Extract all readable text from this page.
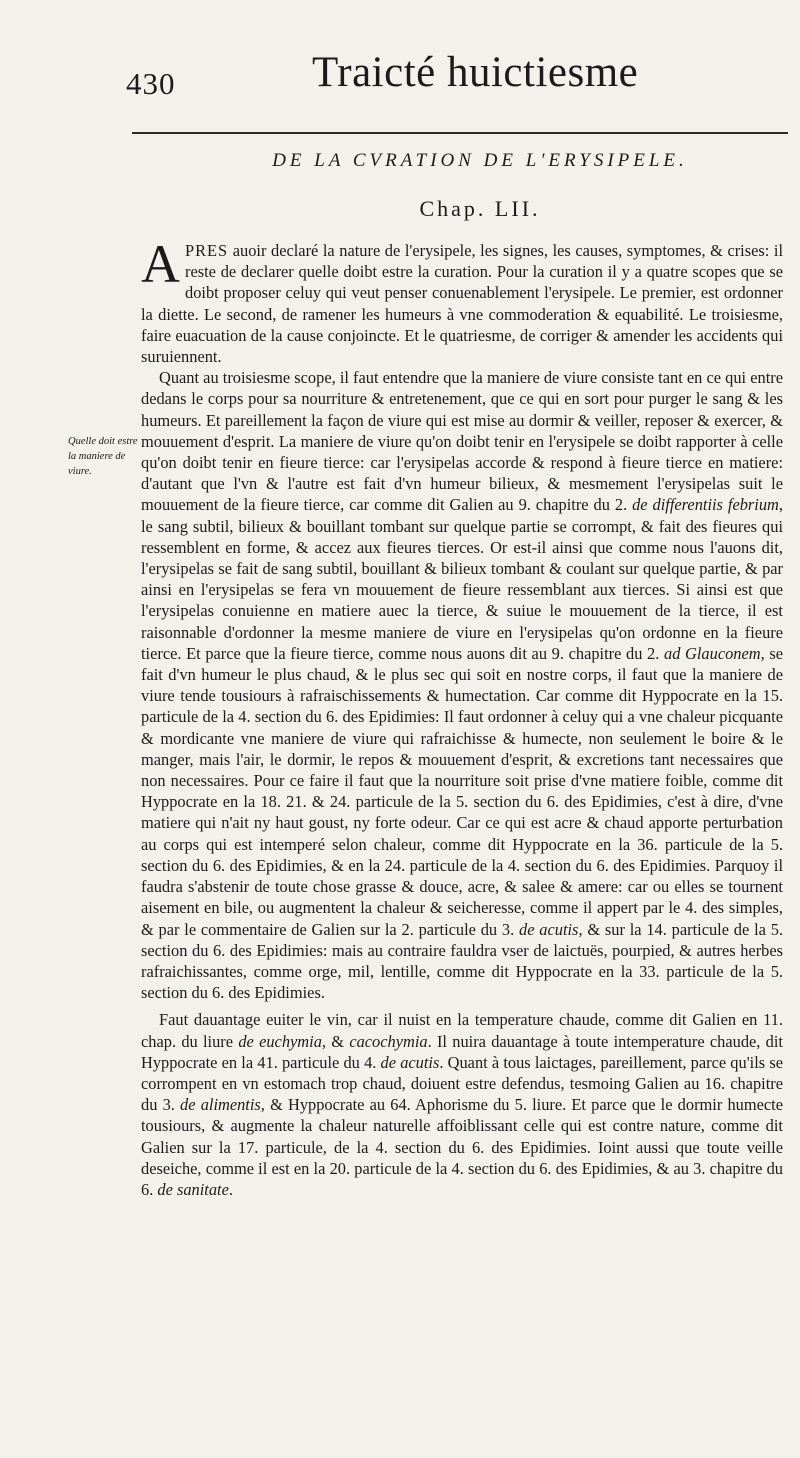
430	Traicté huictiesme
DE LA CVRATION DE L'ERYSIPELE.
Chap. LII.
Quelle doit estre la maniere de viure.

APRES auoir declaré la nature de l'erysipele, les signes, les causes, symptomes, & crises: il reste de declarer quelle doibt estre la curation. Pour la curation il y a quatre scopes que se doibt proposer celuy qui veut penser conuenablement l'erysipele. Le premier, est ordonner la diette. Le second, de ramener les humeurs à vne commoderation & equabilité. Le troisiesme, faire euacuation de la cause conjoincte. Et le quatriesme, de corriger & amender les accidents qui suruiennent.

Quant au troisiesme scope, il faut entendre que la maniere de viure consiste tant en ce qui entre dedans le corps pour sa nourriture & entretenement, que ce qui en sort pour purger le sang & les humeurs. Et pareillement la façon de viure qui est mise au dormir & veiller, reposer & exercer, & mouuement d'esprit. La maniere de viure qu'on doibt tenir en l'erysipele se doibt rapporter à celle qu'on doibt tenir en fieure tierce: car l'erysipelas accorde & respond à fieure tierce en matiere: d'autant que l'vn & l'autre est fait d'vn humeur bilieux, & mesmement l'erysipelas suit le mouuement de la fieure tierce, car comme dit Galien au 9. chapitre du 2. de differentiis febrium, le sang subtil, bilieux & bouillant tombant sur quelque partie se corrompt, & fait des fieures qui ressemblent en forme, & accez aux fieures tierces. Or est-il ainsi que comme nous l'auons dit, l'erysipelas se fait de sang subtil, bouillant & bilieux tombant & coulant sur quelque partie, & par ainsi en l'erysipelas se fera vn mouuement de fieure ressemblant aux tierces. Si ainsi est que l'erysipelas conuienne en matiere auec la tierce, & suiue le mouuement de la tierce, il est raisonnable d'ordonner la mesme maniere de viure en l'erysipelas qu'on ordonne en la fieure tierce. Et parce que la fieure tierce, comme nous auons dit au 9. chapitre du 2. ad Glauconem, se fait d'vn humeur le plus chaud, & le plus sec qui soit en nostre corps, il faut que la maniere de viure tende tousiours à rafraischissements & humectation. Car comme dit Hyppocrate en la 15. particule de la 4. section du 6. des Epidimies: Il faut ordonner à celuy qui a vne chaleur picquante & mordicante vne maniere de viure qui rafraichisse & humecte, non seulement le boire & le manger, mais l'air, le dormir, le repos & mouuement d'esprit, & excretions tant necessaires que non necessaires. Pour ce faire il faut que la nourriture soit prise d'vne matiere foible, comme dit Hyppocrate en la 18. 21. & 24. particule de la 5. section du 6. des Epidimies, c'est à dire, d'vne matiere qui n'ait ny haut goust, ny forte odeur. Car ce qui est acre & chaud apporte perturbation au corps qui est intemperé selon chaleur, comme dit Hyppocrate en la 36. particule de la 5. section du 6. des Epidimies, & en la 24. particule de la 4. section du 6. des Epidimies. Parquoy il faudra s'abstenir de toute chose grasse & douce, acre, & salee & amere: car ou elles se tournent aisement en bile, ou augmentent la chaleur & seicheresse, comme il appert par le 4. des simples, & par le commentaire de Galien sur la 2. particule du 3. de acutis, & sur la 14. particule de la 5. section du 6. des Epidimies: mais au contraire fauldra vser de laictuës, pourpied, & autres herbes rafraichissantes, comme orge, mil, lentille, comme dit Hyppocrate en la 33. particule de la 5. section du 6. des Epidimies.

Faut dauantage euiter le vin, car il nuist en la temperature chaude, comme dit Galien en 11. chap. du liure de euchymia, & cacochymia. Il nuira dauantage à toute intemperature chaude, dit Hyppocrate en la 41. particule du 4. de acutis. Quant à tous laictages, pareillement, parce qu'ils se corrompent en vn estomach trop chaud, doiuent estre defendus, tesmoing Galien au 16. chapitre du 3. de alimentis, & Hyppocrate au 64. Aphorisme du 5. liure. Et parce que le dormir humecte tousiours, & augmente la chaleur naturelle affoiblissant celle qui est contre nature, comme dit Galien sur la 17. particule, de la 4. section du 6. des Epidimies. Ioint aussi que toute veille deseiche, comme il est en la 20. particule de la 4. section du 6. des Epidimies, & au 3. chapitre du 6. de sanitate.
